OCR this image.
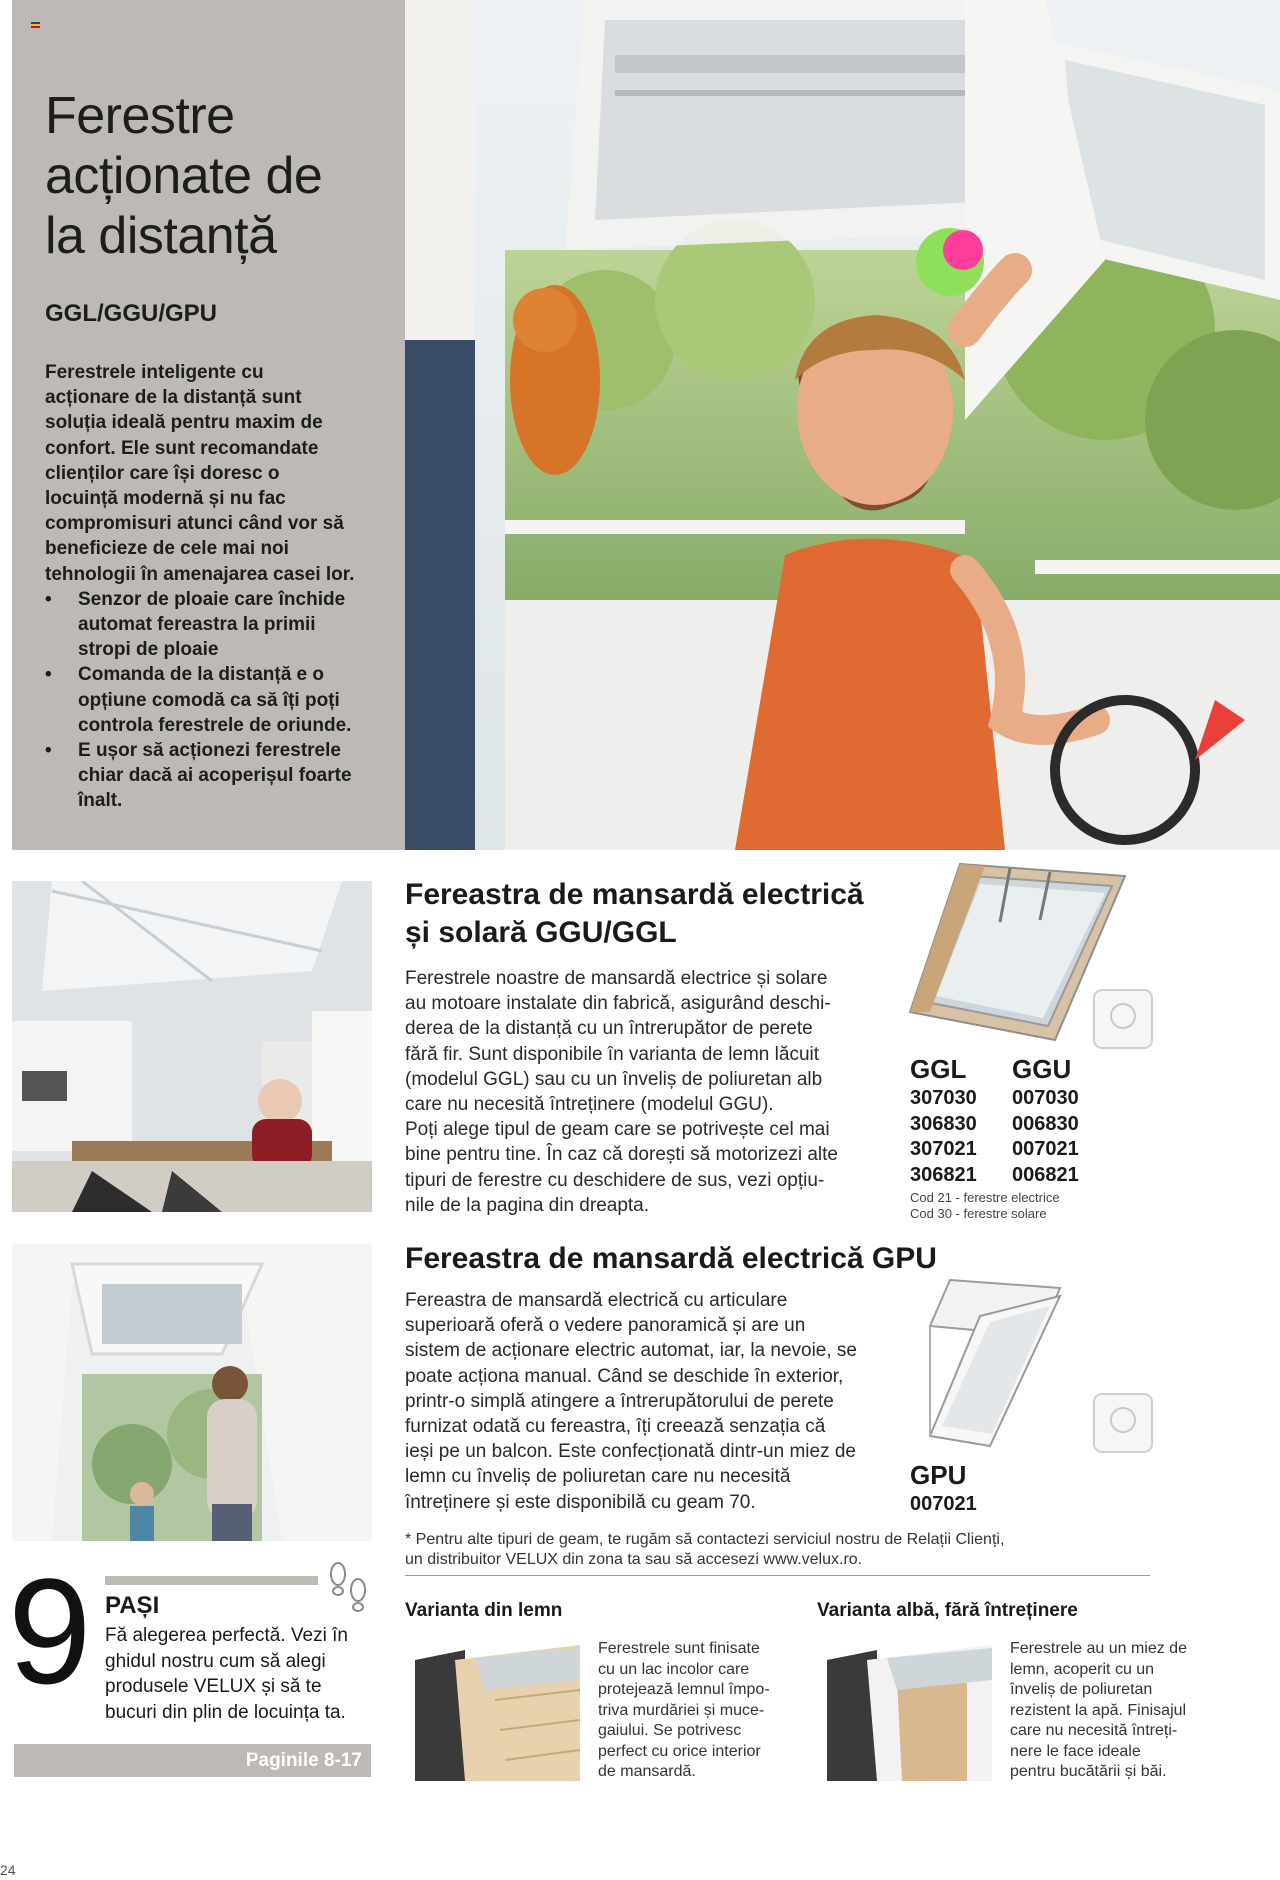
Ferestre
acționate de
la distanță
GGL/GGU/GPU
Ferestrele inteligente cu
acționare de la distanță sunt
soluția ideală pentru maxim de
confort. Ele sunt recomandate
clienților care își doresc o
locuință modernă și nu fac
compromisuri atunci când vor să
beneficieze de cele mai noi
tehnologii în amenajarea casei lor.
• Senzor de ploaie care închide
automat fereastra la primii
stropi de ploaie
• Comanda de la distanță e o
opțiune comodă ca să îți poți
controla ferestrele de oriunde.
• E ușor să acționezi ferestrele
chiar dacă ai acoperișul foarte
înalt.
Fereastra de mansardă electrică
și solară GGU/GGL
Ferestrele noastre de mansardă electrice și solare
au motoare instalate din fabrică, asigurând deschi-
derea de la distanță cu un întrerupător de perete
fără fir. Sunt disponibile în varianta de lemn lăcuit
(modelul GGL) sau cu un înveliș de poliuretan alb
care nu necesită întreținere (modelul GGU).
Poți alege tipul de geam care se potrivește cel mai
bine pentru tine. În caz că dorești să motorizezi alte
tipuri de ferestre cu deschidere de sus, vezi opțiu-
nile de la pagina din dreapta.
GGL
307030
306830
307021
306821
GGU
007030
006830
007021
006821
Cod 21 - ferestre electrice
Cod 30 - ferestre solare
Fereastra de mansardă electrică GPU
Fereastra de mansardă electrică cu articulare
superioară oferă o vedere panoramică și are un
sistem de acționare electric automat, iar, la nevoie, se
poate acționa manual. Când se deschide în exterior,
printr-o simplă atingere a întrerupătorului de perete
furnizat odată cu fereastra, îți creează senzația că
ieși pe un balcon. Este confecționată dintr-un miez de
lemn cu înveliș de poliuretan care nu necesită
întreținere și este disponibilă cu geam 70.
GPU
007021
* Pentru alte tipuri de geam, te rugăm să contactezi serviciul nostru de Relații Clienți,
un distribuitor VELUX din zona ta sau să accesezi www.velux.ro.
9 PAȘI
Fă alegerea perfectă. Vezi în
ghidul nostru cum să alegi
produsele VELUX și să te
bucuri din plin de locuința ta.
Paginile 8-17
Varianta din lemn	Varianta albă, fără întreținere
Ferestrele sunt finisate
cu un lac incolor care
protejează lemnul împo-
triva murdăriei și muce-
gaiului. Se potrivesc
perfect cu orice interior
de mansardă.
Ferestrele au un miez de
lemn, acoperit cu un
înveliș de poliuretan
rezistent la apă. Finisajul
care nu necesită întreți-
nere le face ideale
pentru bucătării și băi.
24
